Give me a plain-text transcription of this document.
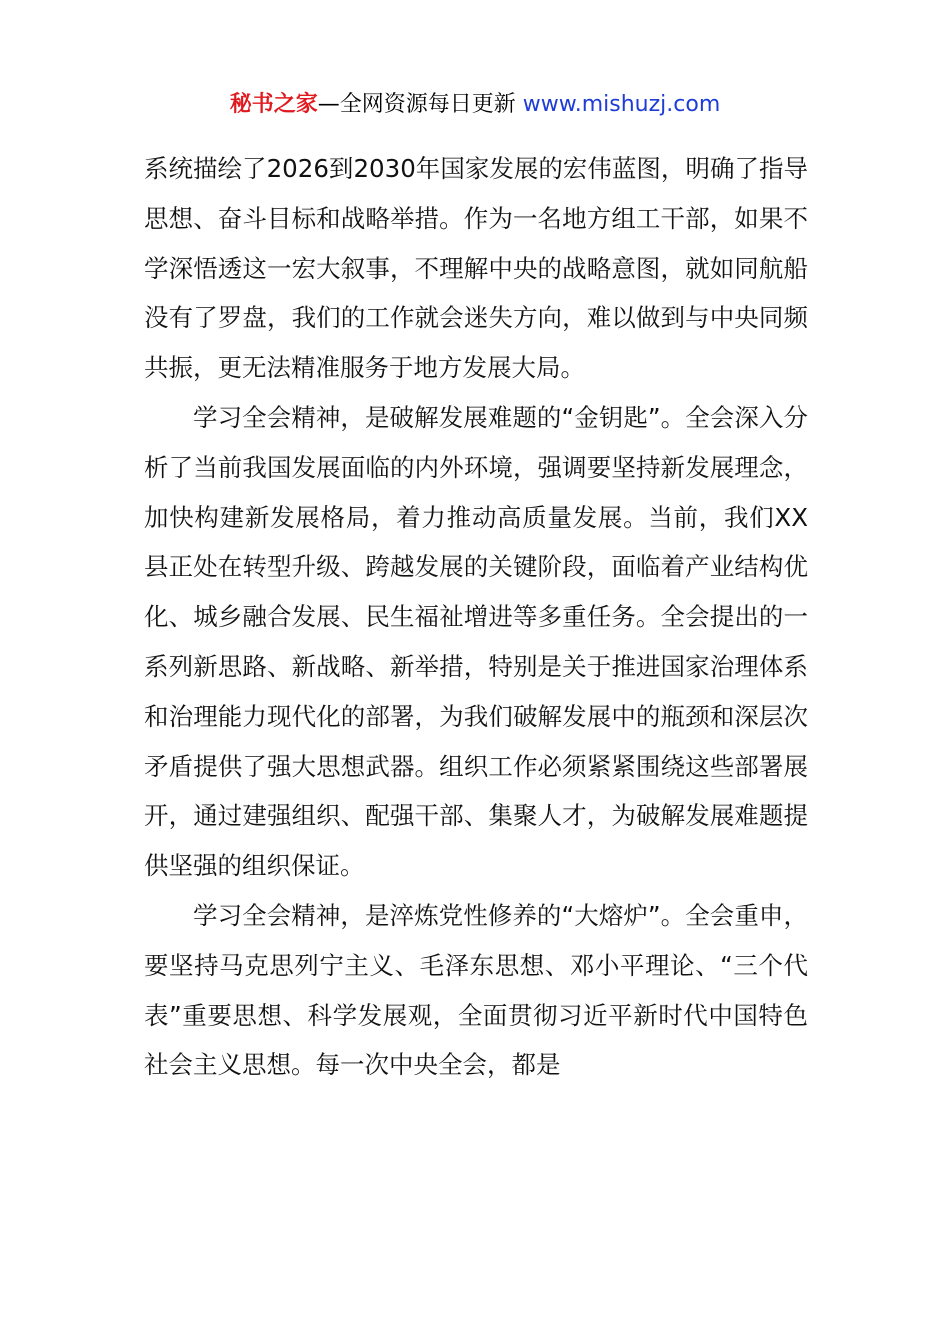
秘书之家—全网资源每日更新 www.mishuzj.com

系统描绘了2026到2030年国家发展的宏伟蓝图，明确了指导思想、奋斗目标和战略举措。作为一名地方组工干部，如果不学深悟透这一宏大叙事，不理解中央的战略意图，就如同航船没有了罗盘，我们的工作就会迷失方向，难以做到与中央同频共振，更无法精准服务于地方发展大局。

学习全会精神，是破解发展难题的“金钥匙”。全会深入分析了当前我国发展面临的内外环境，强调要坚持新发展理念，加快构建新发展格局，着力推动高质量发展。当前，我们XX县正处在转型升级、跨越发展的关键阶段，面临着产业结构优化、城乡融合发展、民生福祉增进等多重任务。全会提出的一系列新思路、新战略、新举措，特别是关于推进国家治理体系和治理能力现代化的部署，为我们破解发展中的瓶颈和深层次矛盾提供了强大思想武器。组织工作必须紧紧围绕这些部署展开，通过建强组织、配强干部、集聚人才，为破解发展难题提供坚强的组织保证。

学习全会精神，是淬炼党性修养的“大熔炉”。全会重申，要坚持马克思列宁主义、毛泽东思想、邓小平理论、“三个代表”重要思想、科学发展观，全面贯彻习近平新时代中国特色社会主义思想。每一次中央全会，都是
